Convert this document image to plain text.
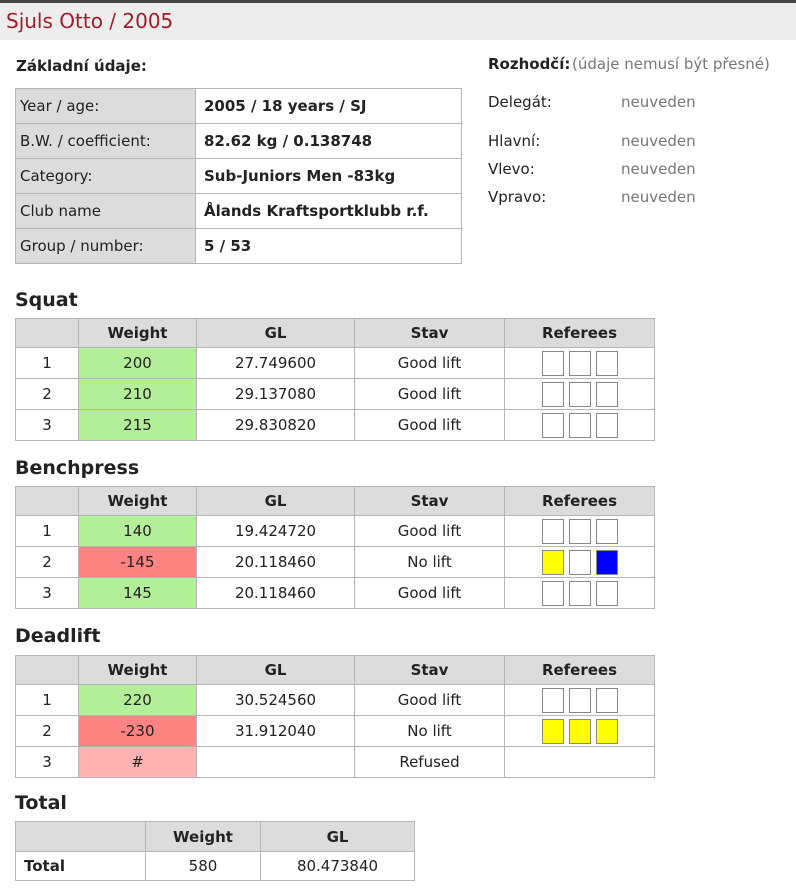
Sjuls Otto / 2005
Základní údaje:
Year / age:	2005 / 18 years / SJ
B.W. / coefficient:	82.62 kg / 0.138748
Category:	Sub-Juniors Men -83kg
Club name	Ålands Kraftsportklubb r.f.
Group / number:	5 / 53
Rozhodčí: (údaje nemusí být přesné)
Delegát:	neuveden
Hlavní:	neuveden
Vlevo:	neuveden
Vpravo:	neuveden
Squat
	Weight	GL	Stav	Referees
1	200	27.749600	Good lift	

2	210	29.137080	Good lift	

3	215	29.830820	Good lift	
Benchpress
	Weight	GL	Stav	Referees
1	140	19.424720	Good lift	

2	-145	20.118460	No lift	

3	145	20.118460	Good lift	
Deadlift
	Weight	GL	Stav	Referees
1	220	30.524560	Good lift	

2	-230	31.912040	No lift	

3	#		Refused	
Total
	Weight	GL
Total	580	80.473840
